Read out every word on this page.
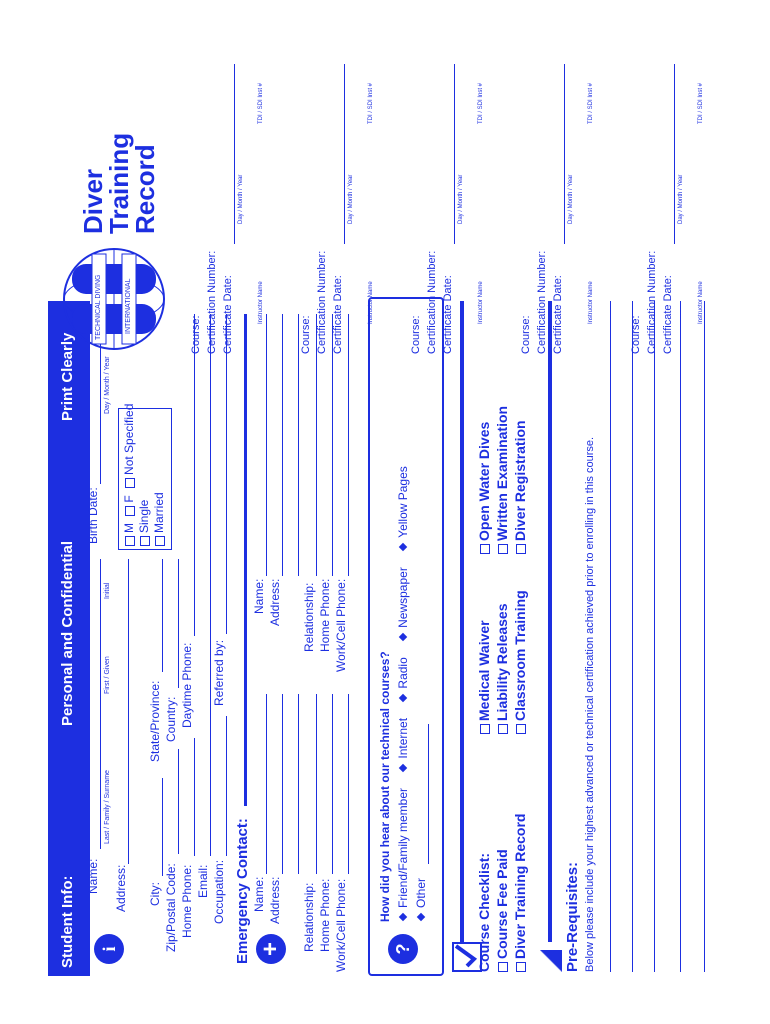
Student Info:
Personal and Confidential
Print Clearly
i
Name:
Last / Family / Surname
First / Given
Initial
Birth Date:
Day / Month / Year
Address:
M F Not Specified
Single Married
City:
State/Province:
Zip/Postal Code:
Country:
Home Phone:
Daytime Phone:
Email: Occupation:
Referred by:
Emergency Contact: +
Name:
Name:
Address:
Address:
Relationship:
Relationship:
Home Phone:
Home Phone:
Work/Cell Phone:
Work/Cell Phone:
?
How did you hear about our technical courses? Friend/Family member Internet Radio Newspaper Yellow Pages
Other	Course Checklist: Course Fee Paid Diver Training Record
Medical Waiver Liability Releases Classroom Training
Open Water Dives Written Examination Diver Registration
Pre-Requisites: Below please include your highest advanced or technical certification achieved prior to enrolling in this course.
TECHNICAL DIVING	INTERNATIONAL
Diver
Training
Record
Course: Certification Number: Certificate Date:
Day / Month / Year
Instructor Name
TDI / SDI Inst #
Course: Certification Number: Certificate Date:
Day / Month / Year
Instructor Name
TDI / SDI Inst #
Course: Certification Number: Certificate Date:
Day / Month / Year
Instructor Name
TDI / SDI Inst #
Course: Certification Number: Certificate Date:
Day / Month / Year
Instructor Name
TDI / SDI Inst #
Course: Certification Number: Certificate Date:
Day / Month / Year
Instructor Name
TDI / SDI Inst #
